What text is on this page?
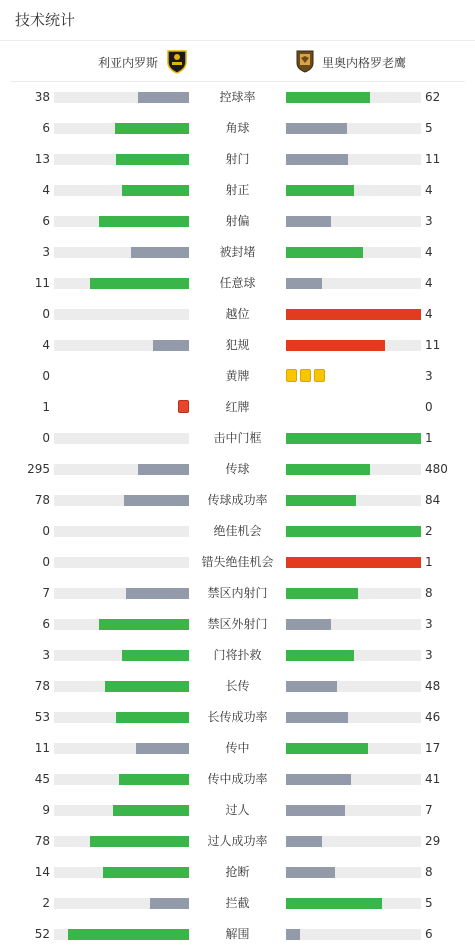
技术统计
利亚内罗斯	里奥内格罗老鹰
38	控球率	62
6	角球	5
13	射门	11
4	射正	4
6	射偏	3
3	被封堵	4
11	任意球	4
0	越位	4
4	犯规	11
0	黄牌	3
1	红牌	0
0	击中门框	1
295	传球	480
78	传球成功率	84
0	绝佳机会	2
0	错失绝佳机会	1
7	禁区内射门	8
6	禁区外射门	3
3	门将扑救	3
78	长传	48
53	长传成功率	46
11	传中	17
45	传中成功率	41
9	过人	7
78	过人成功率	29
14	抢断	8
2	拦截	5
52	解围	6
